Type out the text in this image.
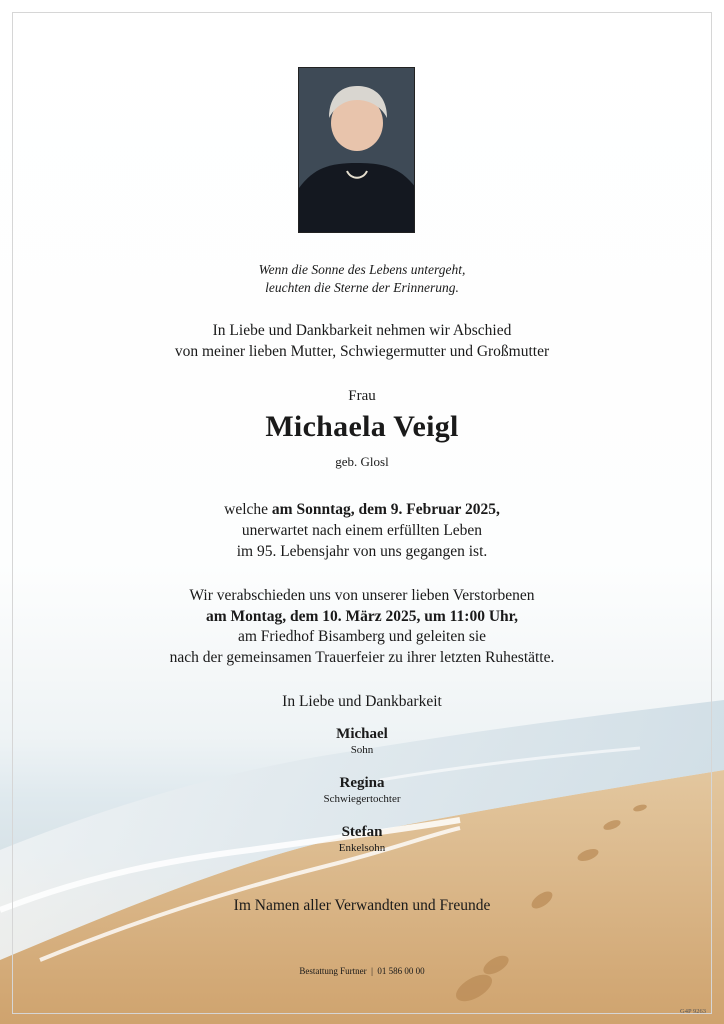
Wenn die Sonne des Lebens untergeht,
leuchten die Sterne der Erinnerung.
In Liebe und Dankbarkeit nehmen wir Abschied
von meiner lieben Mutter, Schwiegermutter und Großmutter
Frau
Michaela Veigl
geb. Glosl
welche am Sonntag, dem 9. Februar 2025,
unerwartet nach einem erfüllten Leben
im 95. Lebensjahr von uns gegangen ist.
Wir verabschieden uns von unserer lieben Verstorbenen
am Montag, dem 10. März 2025, um 11:00 Uhr,
am Friedhof Bisamberg und geleiten sie
nach der gemeinsamen Trauerfeier zu ihrer letzten Ruhestätte.
In Liebe und Dankbarkeit
Michael
Sohn
Regina
Schwiegertochter
Stefan
Enkelsohn
Im Namen aller Verwandten und Freunde
Bestattung Furtner  |  01 586 00 00
G4P 9263
